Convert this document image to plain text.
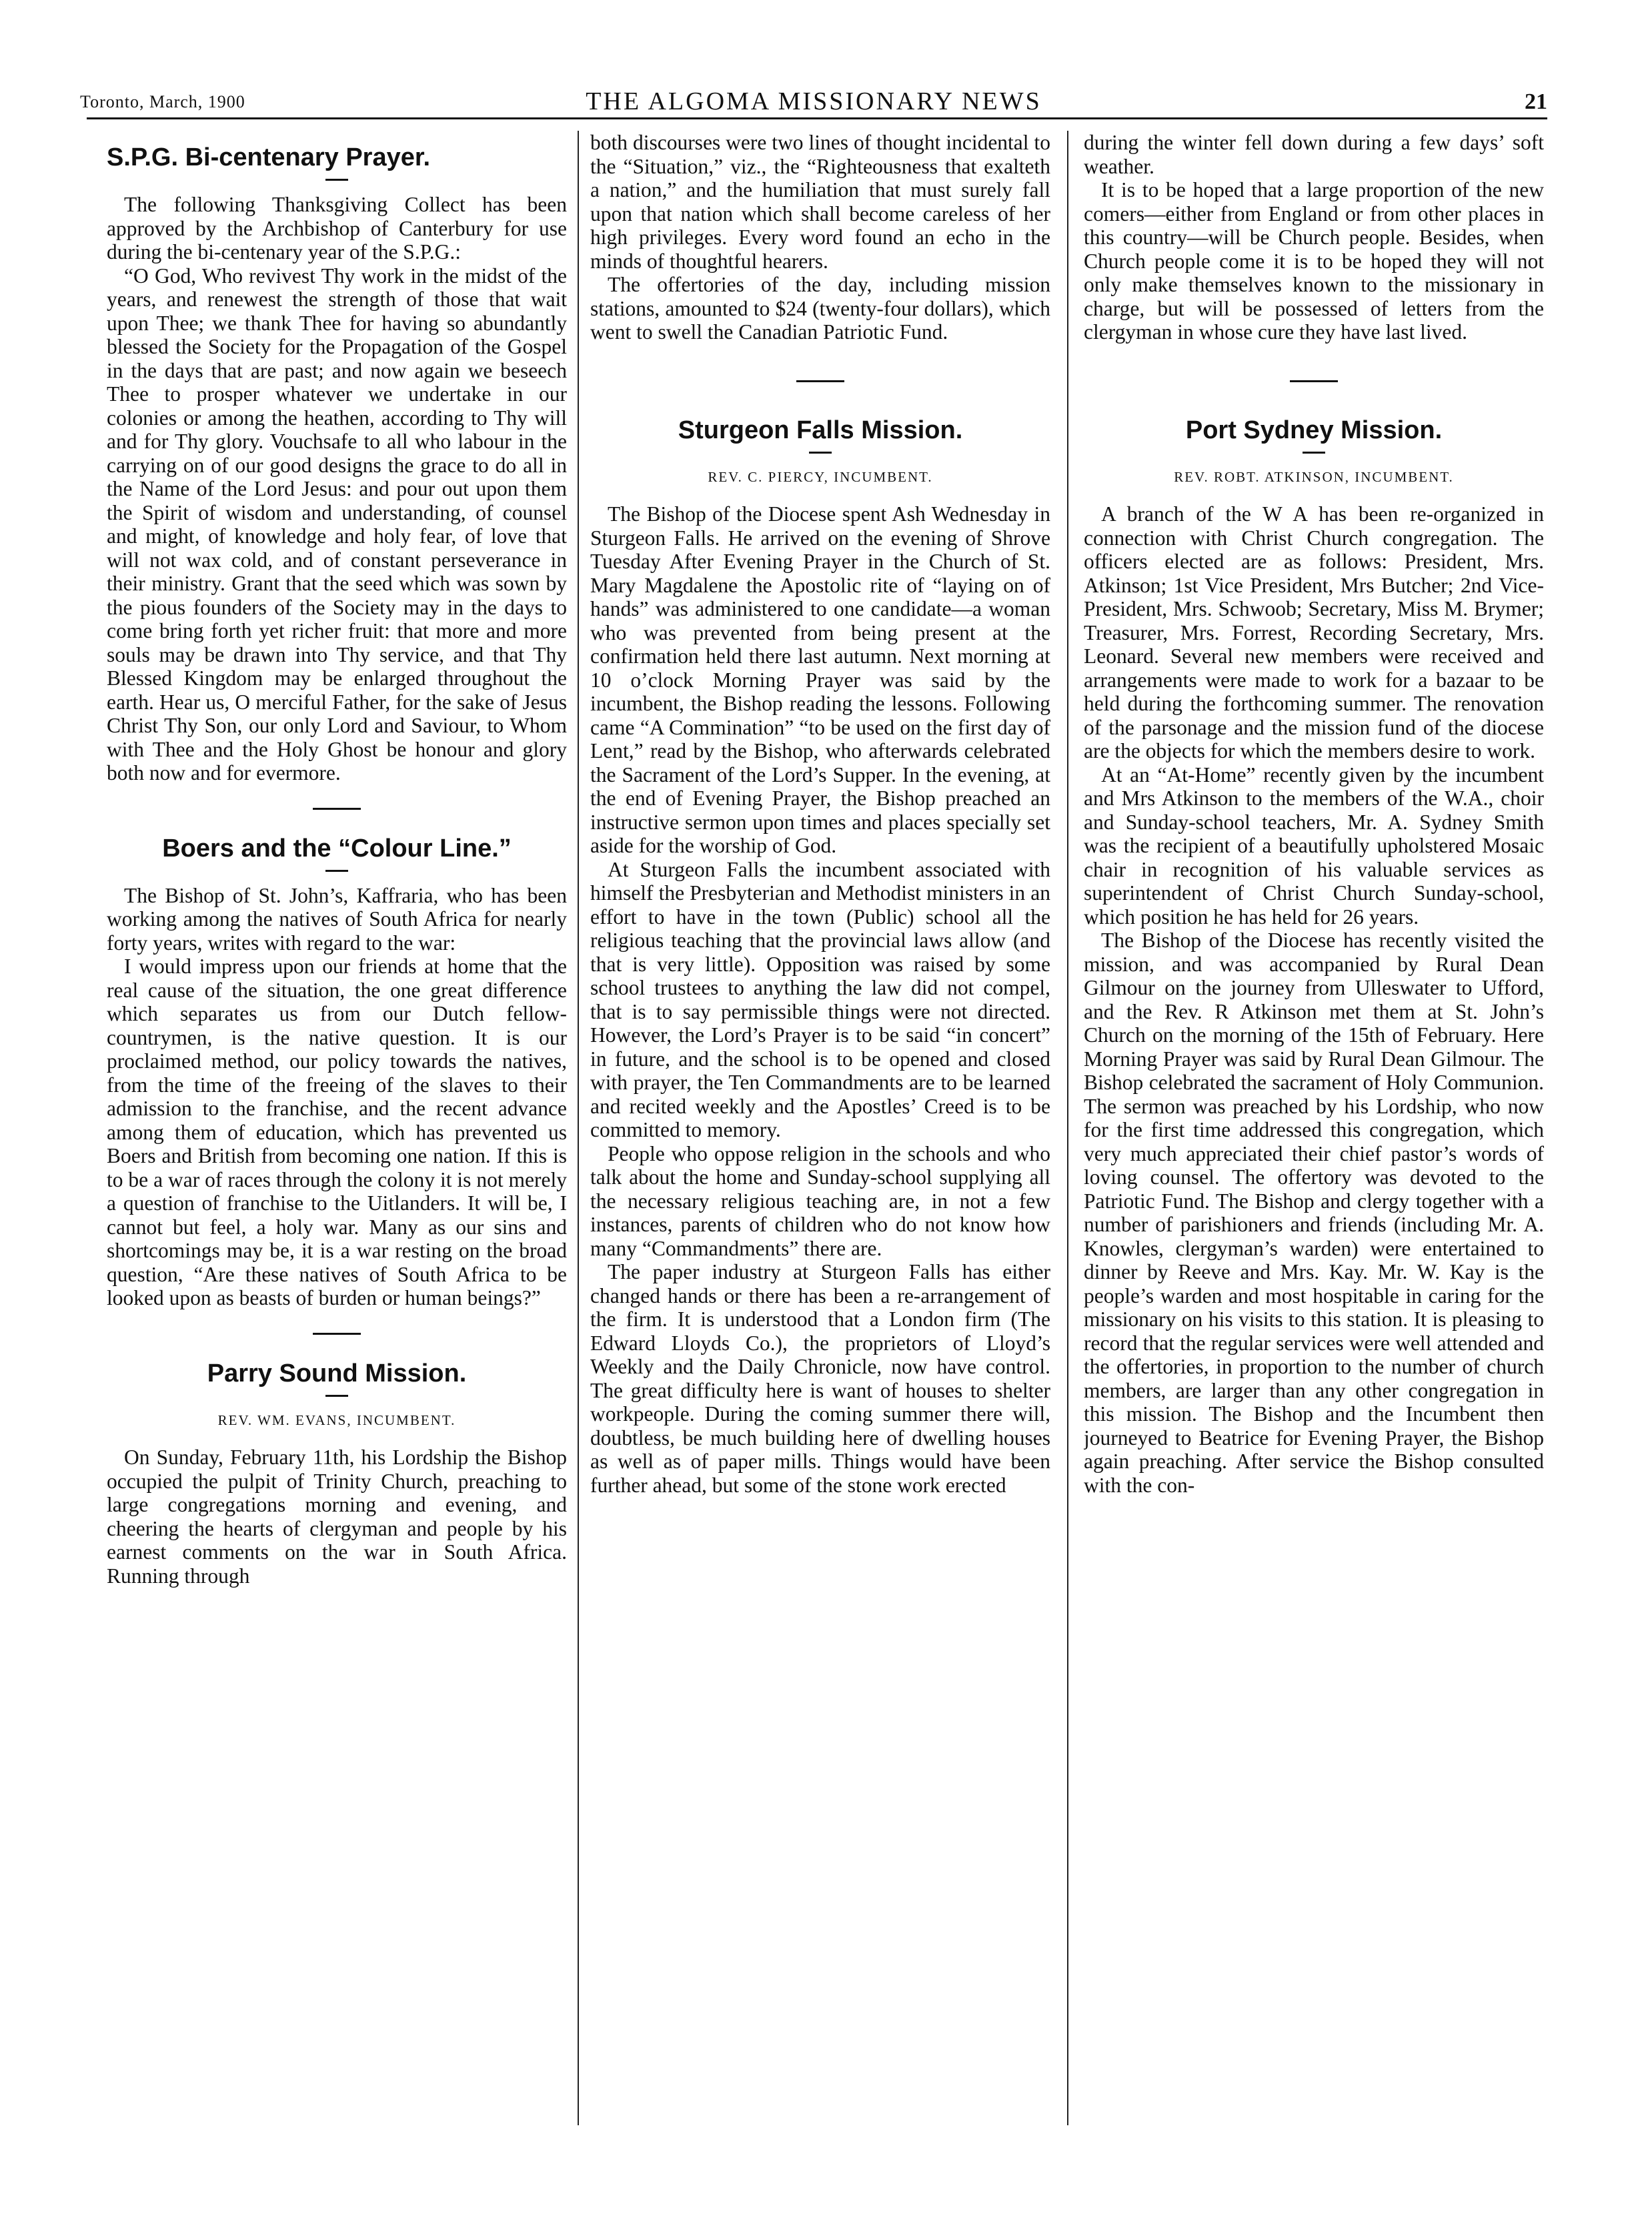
Toronto, March, 1900	THE ALGOMA MISSIONARY NEWS	21
S.P.G. Bi-centenary Prayer.

The following Thanksgiving Collect has been approved by the Archbishop of Canterbury for use during the bi-centenary year of the S.P.G.:

“O God, Who revivest Thy work in the midst of the years, and renewest the strength of those that wait upon Thee; we thank Thee for having so abundantly blessed the Society for the Propagation of the Gospel in the days that are past; and now again we beseech Thee to prosper whatever we undertake in our colonies or among the heathen, according to Thy will and for Thy glory. Vouchsafe to all who labour in the carrying on of our good designs the grace to do all in the Name of the Lord Jesus: and pour out upon them the Spirit of wisdom and understanding, of counsel and might, of knowledge and holy fear, of love that will not wax cold, and of constant perseverance in their ministry. Grant that the seed which was sown by the pious founders of the Society may in the days to come bring forth yet richer fruit: that more and more souls may be drawn into Thy service, and that Thy Blessed Kingdom may be enlarged throughout the earth. Hear us, O merciful Father, for the sake of Jesus Christ Thy Son, our only Lord and Saviour, to Whom with Thee and the Holy Ghost be honour and glory both now and for evermore.

Boers and the “Colour Line.”

The Bishop of St. John’s, Kaffraria, who has been working among the natives of South Africa for nearly forty years, writes with regard to the war:

I would impress upon our friends at home that the real cause of the situation, the one great difference which separates us from our Dutch fellow-countrymen, is the native question. It is our proclaimed method, our policy towards the natives, from the time of the freeing of the slaves to their admission to the franchise, and the recent advance among them of education, which has prevented us Boers and British from becoming one nation. If this is to be a war of races through the colony it is not merely a question of franchise to the Uitlanders. It will be, I cannot but feel, a holy war. Many as our sins and shortcomings may be, it is a war resting on the broad question, “Are these natives of South Africa to be looked upon as beasts of burden or human beings?”

Parry Sound Mission.
REV. WM. EVANS, INCUMBENT.

On Sunday, February 11th, his Lordship the Bishop occupied the pulpit of Trinity Church, preaching to large congregations morning and evening, and cheering the hearts of clergyman and people by his earnest comments on the war in South Africa. Running through

both discourses were two lines of thought incidental to the “Situation,” viz., the “Righteousness that exalteth a nation,” and the humiliation that must surely fall upon that nation which shall become careless of her high privileges. Every word found an echo in the minds of thoughtful hearers.

The offertories of the day, including mission stations, amounted to $24 (twenty-four dollars), which went to swell the Canadian Patriotic Fund.

Sturgeon Falls Mission.
REV. C. PIERCY, INCUMBENT.

The Bishop of the Diocese spent Ash Wednesday in Sturgeon Falls. He arrived on the evening of Shrove Tuesday After Evening Prayer in the Church of St. Mary Magdalene the Apostolic rite of “laying on of hands” was administered to one candidate—a woman who was prevented from being present at the confirmation held there last autumn. Next morning at 10 o’clock Morning Prayer was said by the incumbent, the Bishop reading the lessons. Following came “A Commination” “to be used on the first day of Lent,” read by the Bishop, who afterwards celebrated the Sacrament of the Lord’s Supper. In the evening, at the end of Evening Prayer, the Bishop preached an instructive sermon upon times and places specially set aside for the worship of God.

At Sturgeon Falls the incumbent associated with himself the Presbyterian and Methodist ministers in an effort to have in the town (Public) school all the religious teaching that the provincial laws allow (and that is very little). Opposition was raised by some school trustees to anything the law did not compel, that is to say permissible things were not directed. However, the Lord’s Prayer is to be said “in concert” in future, and the school is to be opened and closed with prayer, the Ten Commandments are to be learned and recited weekly and the Apostles’ Creed is to be committed to memory.

People who oppose religion in the schools and who talk about the home and Sunday-school supplying all the necessary religious teaching are, in not a few instances, parents of children who do not know how many “Commandments” there are.

The paper industry at Sturgeon Falls has either changed hands or there has been a re-arrangement of the firm. It is understood that a London firm (The Edward Lloyds Co.), the proprietors of Lloyd’s Weekly and the Daily Chronicle, now have control. The great difficulty here is want of houses to shelter workpeople. During the coming summer there will, doubtless, be much building here of dwelling houses as well as of paper mills. Things would have been further ahead, but some of the stone work erected

during the winter fell down during a few days’ soft weather.

It is to be hoped that a large proportion of the new comers—either from England or from other places in this country—will be Church people. Besides, when Church people come it is to be hoped they will not only make themselves known to the missionary in charge, but will be possessed of letters from the clergyman in whose cure they have last lived.

Port Sydney Mission.
REV. ROBT. ATKINSON, INCUMBENT.

A branch of the W A has been re-organized in connection with Christ Church congregation. The officers elected are as follows: President, Mrs. Atkinson; 1st Vice President, Mrs Butcher; 2nd Vice-President, Mrs. Schwoob; Secretary, Miss M. Brymer; Treasurer, Mrs. Forrest, Recording Secretary, Mrs. Leonard. Several new members were received and arrangements were made to work for a bazaar to be held during the forthcoming summer. The renovation of the parsonage and the mission fund of the diocese are the objects for which the members desire to work.

At an “At-Home” recently given by the incumbent and Mrs Atkinson to the members of the W.A., choir and Sunday-school teachers, Mr. A. Sydney Smith was the recipient of a beautifully upholstered Mosaic chair in recognition of his valuable services as superintendent of Christ Church Sunday-school, which position he has held for 26 years.

The Bishop of the Diocese has recently visited the mission, and was accompanied by Rural Dean Gilmour on the journey from Ulleswater to Ufford, and the Rev. R Atkinson met them at St. John’s Church on the morning of the 15th of February. Here Morning Prayer was said by Rural Dean Gilmour. The Bishop celebrated the sacrament of Holy Communion. The sermon was preached by his Lordship, who now for the first time addressed this congregation, which very much appreciated their chief pastor’s words of loving counsel. The offertory was devoted to the Patriotic Fund. The Bishop and clergy together with a number of parishioners and friends (including Mr. A. Knowles, clergyman’s warden) were entertained to dinner by Reeve and Mrs. Kay. Mr. W. Kay is the people’s warden and most hospitable in caring for the missionary on his visits to this station. It is pleasing to record that the regular services were well attended and the offertories, in proportion to the number of church members, are larger than any other congregation in this mission. The Bishop and the Incumbent then journeyed to Beatrice for Evening Prayer, the Bishop again preaching. After service the Bishop consulted with the con-
